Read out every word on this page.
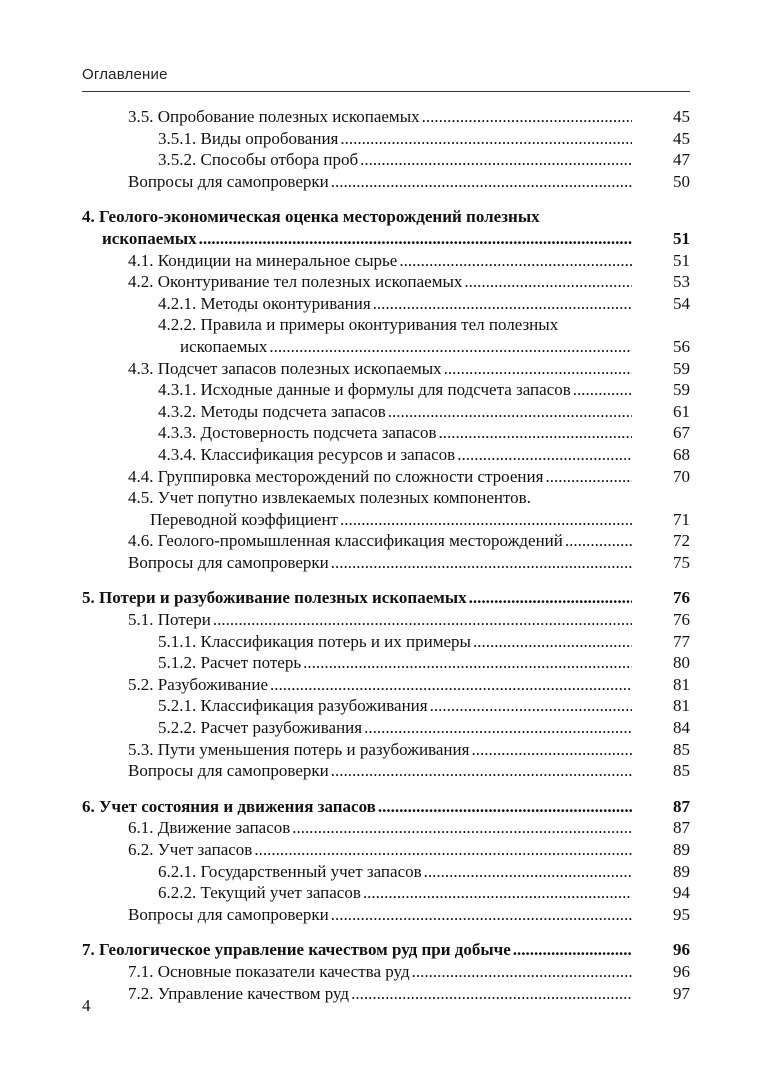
Оглавление
3.5. Опробование полезных ископаемых .....	45
3.5.1. Виды опробования .....	45
3.5.2. Способы отбора проб .....	47
Вопросы для самопроверки .....	50
4. Геолого-экономическая оценка месторождений полезных
ископаемых .....	51
4.1. Кондиции на минеральное сырье .....	51
4.2. Оконтуривание тел полезных ископаемых .....	53
4.2.1. Методы оконтуривания .....	54
4.2.2. Правила и примеры оконтуривания тел полезных
ископаемых .....	56
4.3. Подсчет запасов полезных ископаемых .....	59
4.3.1. Исходные данные и формулы для подсчета запасов .....	59
4.3.2. Методы подсчета запасов .....	61
4.3.3. Достоверность подсчета запасов .....	67
4.3.4. Классификация ресурсов и запасов .....	68
4.4. Группировка месторождений по сложности строения .....	70
4.5. Учет попутно извлекаемых полезных компонентов.
Переводной коэффициент .....	71
4.6. Геолого-промышленная классификация месторождений .....	72
Вопросы для самопроверки .....	75
5. Потери и разубоживание полезных ископаемых .....	76
5.1. Потери .....	76
5.1.1. Классификация потерь и их примеры .....	77
5.1.2. Расчет потерь .....	80
5.2. Разубоживание .....	81
5.2.1. Классификация разубоживания .....	81
5.2.2. Расчет разубоживания .....	84
5.3. Пути уменьшения потерь и разубоживания .....	85
Вопросы для самопроверки .....	85
6. Учет состояния и движения запасов .....	87
6.1. Движение запасов .....	87
6.2. Учет запасов .....	89
6.2.1. Государственный учет запасов .....	89
6.2.2. Текущий учет запасов .....	94
Вопросы для самопроверки .....	95
7. Геологическое управление качеством руд при добыче .....	96
7.1. Основные показатели качества руд .....	96
7.2. Управление качеством руд .....	97
4
